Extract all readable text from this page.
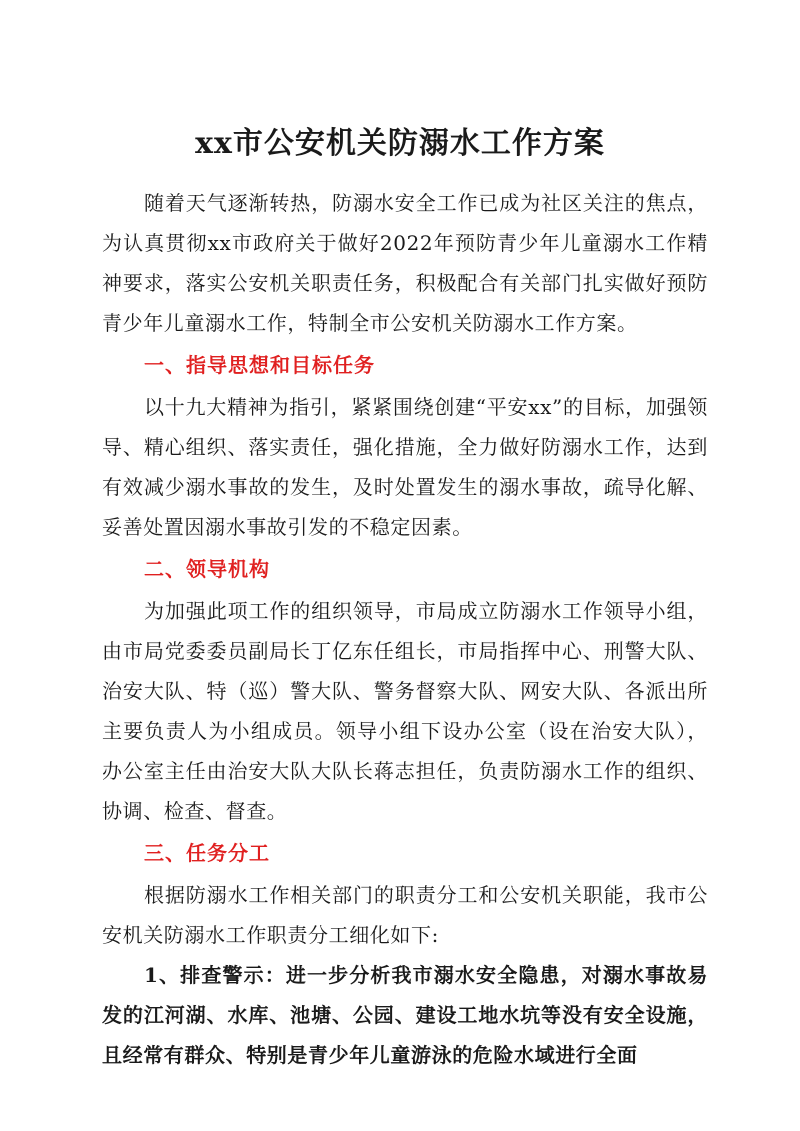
xx市公安机关防溺水工作方案

随着天气逐渐转热，防溺水安全工作已成为社区关注的焦点，为认真贯彻xx市政府关于做好2022年预防青少年儿童溺水工作精神要求，落实公安机关职责任务，积极配合有关部门扎实做好预防青少年儿童溺水工作，特制全市公安机关防溺水工作方案。

一、指导思想和目标任务

以十九大精神为指引，紧紧围绕创建“平安xx”的目标，加强领导、精心组织、落实责任，强化措施，全力做好防溺水工作，达到有效减少溺水事故的发生，及时处置发生的溺水事故，疏导化解、妥善处置因溺水事故引发的不稳定因素。

二、领导机构

为加强此项工作的组织领导，市局成立防溺水工作领导小组，由市局党委委员副局长丁亿东任组长，市局指挥中心、刑警大队、治安大队、特（巡）警大队、警务督察大队、网安大队、各派出所主要负责人为小组成员。领导小组下设办公室（设在治安大队），办公室主任由治安大队大队长蒋志担任，负责防溺水工作的组织、协调、检查、督查。

三、任务分工

根据防溺水工作相关部门的职责分工和公安机关职能，我市公安机关防溺水工作职责分工细化如下:

1、排查警示：进一步分析我市溺水安全隐患，对溺水事故易发的江河湖、水库、池塘、公园、建设工地水坑等没有安全设施，且经常有群众、特别是青少年儿童游泳的危险水域进行全面
